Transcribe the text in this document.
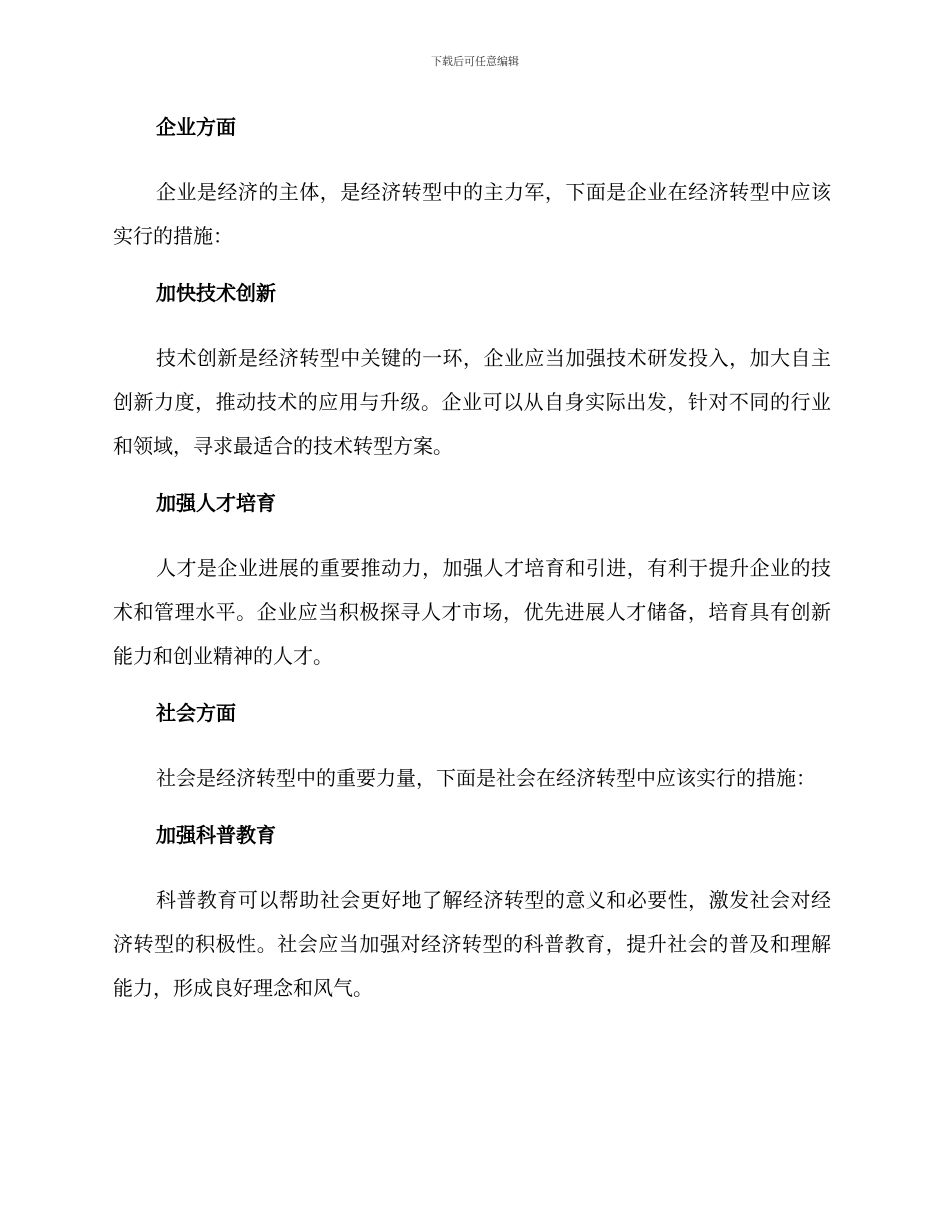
下载后可任意编辑
企业方面

企业是经济的主体，是经济转型中的主力军，下面是企业在经济转型中应该实行的措施：

加快技术创新

技术创新是经济转型中关键的一环，企业应当加强技术研发投入，加大自主创新力度，推动技术的应用与升级。企业可以从自身实际出发，针对不同的行业和领域，寻求最适合的技术转型方案。

加强人才培育

人才是企业进展的重要推动力，加强人才培育和引进，有利于提升企业的技术和管理水平。企业应当积极探寻人才市场，优先进展人才储备，培育具有创新能力和创业精神的人才。

社会方面

社会是经济转型中的重要力量，下面是社会在经济转型中应该实行的措施：

加强科普教育

科普教育可以帮助社会更好地了解经济转型的意义和必要性，激发社会对经济转型的积极性。社会应当加强对经济转型的科普教育，提升社会的普及和理解能力，形成良好理念和风气。
